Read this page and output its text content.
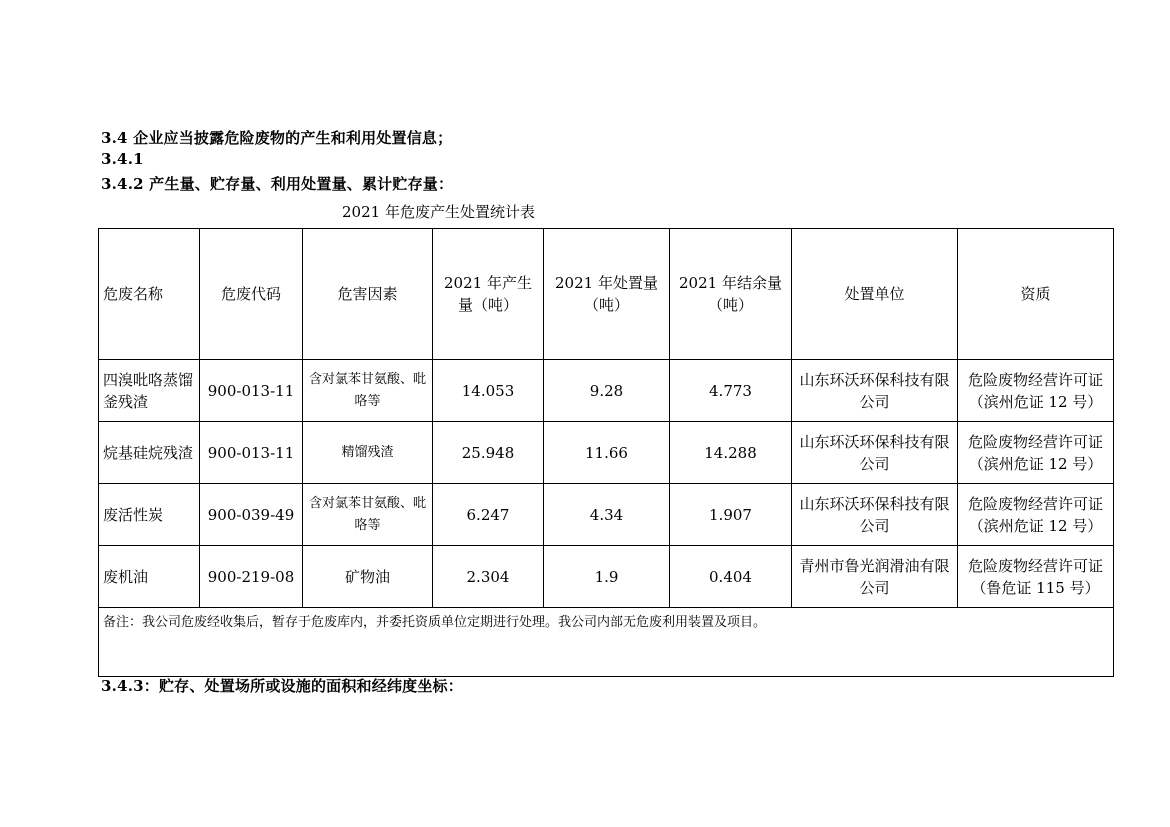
3.4 企业应当披露危险废物的产生和利用处置信息；
3.4.1
3.4.2 产生量、贮存量、利用处置量、累计贮存量：
2021 年危废产生处置统计表
危废名称	危废代码	危害因素	2021 年产生量（吨）	2021 年处置量（吨）	2021 年结余量（吨）	处置单位	资质
四溴吡咯蒸馏釜残渣	900-013-11	含对氯苯甘氨酸、吡咯等	14.053	9.28	4.773	山东环沃环保科技有限公司	危险废物经营许可证（滨州危证 12 号）
烷基硅烷残渣	900-013-11	精馏残渣	25.948	11.66	14.288	山东环沃环保科技有限公司	危险废物经营许可证（滨州危证 12 号）
废活性炭	900-039-49	含对氯苯甘氨酸、吡咯等	6.247	4.34	1.907	山东环沃环保科技有限公司	危险废物经营许可证（滨州危证 12 号）
废机油	900-219-08	矿物油	2.304	1.9	0.404	青州市鲁光润滑油有限公司	危险废物经营许可证（鲁危证 115 号）
备注：我公司危废经收集后，暂存于危废库内，并委托资质单位定期进行处理。我公司内部无危废利用装置及项目。							
3.4.3：贮存、处置场所或设施的面积和经纬度坐标：
